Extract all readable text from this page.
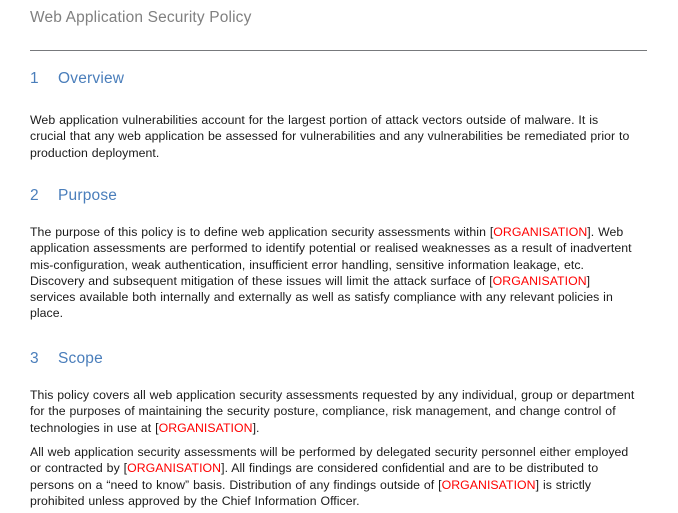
Web Application Security Policy
1 Overview
Web application vulnerabilities account for the largest portion of attack vectors outside of malware. It is crucial that any web application be assessed for vulnerabilities and any vulnerabilities be remediated prior to production deployment.
2 Purpose
The purpose of this policy is to define web application security assessments within [ORGANISATION]. Web application assessments are performed to identify potential or realised weaknesses as a result of inadvertent mis-configuration, weak authentication, insufficient error handling, sensitive information leakage, etc. Discovery and subsequent mitigation of these issues will limit the attack surface of [ORGANISATION] services available both internally and externally as well as satisfy compliance with any relevant policies in place.
3 Scope
This policy covers all web application security assessments requested by any individual, group or department for the purposes of maintaining the security posture, compliance, risk management, and change control of technologies in use at [ORGANISATION].
All web application security assessments will be performed by delegated security personnel either employed or contracted by [ORGANISATION]. All findings are considered confidential and are to be distributed to persons on a “need to know” basis. Distribution of any findings outside of [ORGANISATION] is strictly prohibited unless approved by the Chief Information Officer.
